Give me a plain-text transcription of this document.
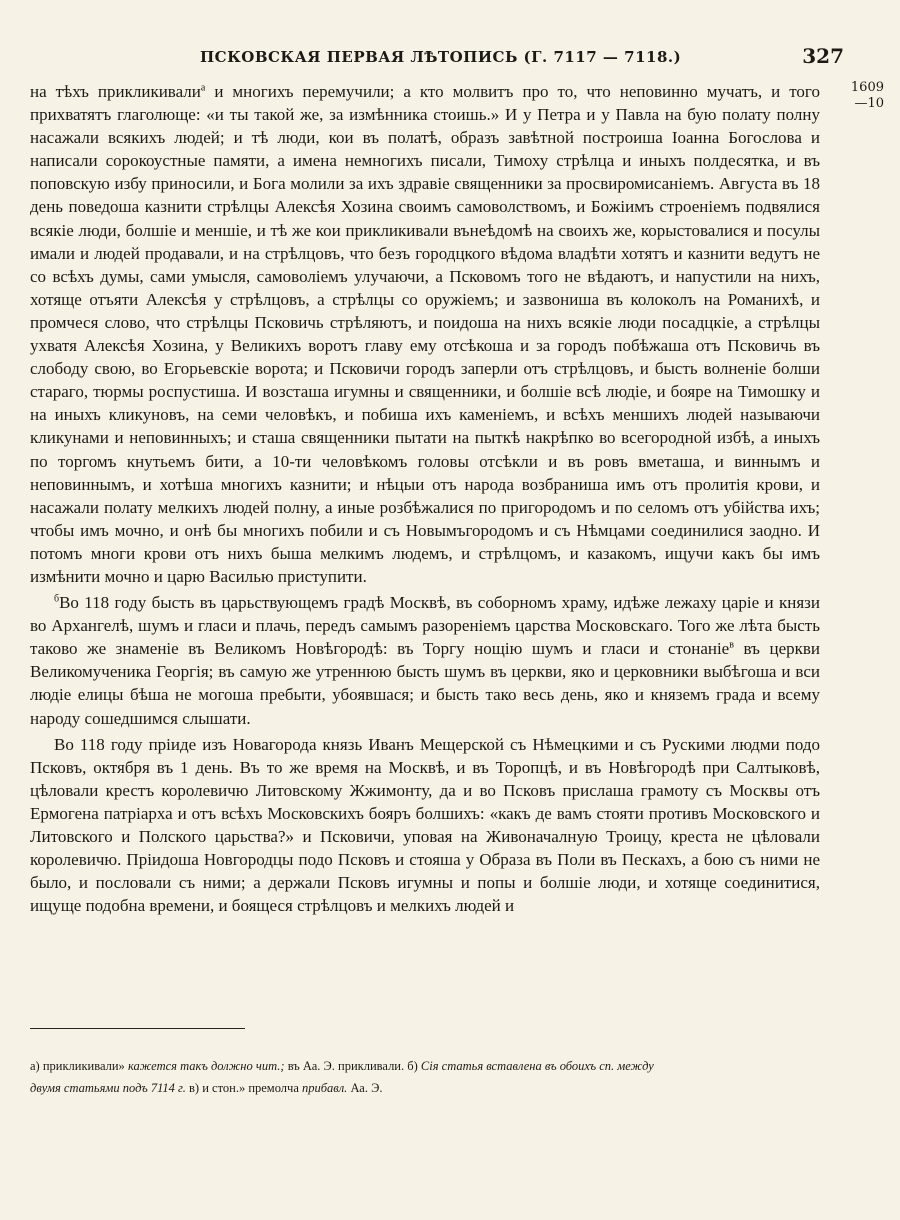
ПСКОВСКАЯ ПЕРВАЯ ЛѢТОПИСЬ (Г. 7117 — 7118.)	327
1609
—10

на тѣхъ прикликивали$^а$ и многихъ перемучили; а кто молвитъ про то, что неповинно мучатъ, и того прихватятъ глаголюще: «и ты такой же, за измѣнника стоишь.» И у Петра и у Павла на бую полату полну насажали всякихъ людей; и тѣ люди, кои въ полатѣ, образъ завѣтной построиша Іоанна Богослова и написали сорокоустные памяти, а имена немногихъ писали, Тимоху стрѣлца и иныхъ полдесятка, и въ поповскую избу приносили, и Бога молили за ихъ здравіе священники за просвиромисаніемъ. Августа въ 18 день поведоша казнити стрѣлцы Алексѣя Хозина своимъ самоволствомъ, и Божіимъ строеніемъ подвялися всякіе люди, болшіе и меншіе, и тѣ же кои прикликивали вънеѣдомѣ на своихъ же, корыстовалися и посулы имали и людей продавали, и на стрѣлцовъ, что безъ городцкого вѣдома владѣти хотятъ и казнити ведутъ не со всѣхъ думы, сами умысля, самоволіемъ улучаючи, а Псковомъ того не вѣдаютъ, и напустили на нихъ, хотяще отъяти Алексѣя у стрѣлцовъ, а стрѣлцы со оружіемъ; и зазвониша въ колоколъ на Романихѣ, и промчеся слово, что стрѣлцы Псковичь стрѣляютъ, и поидоша на нихъ всякіе люди посадцкіе, а стрѣлцы ухватя Алексѣя Хозина, у Великихъ воротъ главу ему отсѣкоша и за городъ побѣжаша отъ Псковичь въ слободу свою, во Егорьевскіе ворота; и Псковичи городъ заперли отъ стрѣлцовъ, и бысть волненіе болши стараго, тюрмы роспустиша. И возсташа игумны и священники, и болшіе всѣ людіе, и бояре на Тимошку и на иныхъ кликуновъ, на семи человѣкъ, и побиша ихъ каменіемъ, и всѣхъ меншихъ людей называючи кликунами и неповинныхъ; и сташа священники пытати на пыткѣ накрѣпко во всегородной избѣ, а иныхъ по торгомъ кнутьемъ бити, а 10-ти человѣкомъ головы отсѣкли и въ ровъ вметаша, и виннымъ и неповиннымъ, и хотѣша многихъ казнити; и нѣцыи отъ народа возбраниша имъ отъ пролитія крови, и насажали полату мелкихъ людей полну, а иные розбѣжалися по пригородомъ и по селомъ отъ убійства ихъ; чтобы имъ мочно, и онѣ бы многихъ побили и съ Новымъгородомъ и съ Нѣмцами соединилися заодно. И потомъ многи крови отъ нихъ быша мелкимъ людемъ, и стрѣлцомъ, и казакомъ, ищучи какъ бы имъ измѣнити мочно и царю Василью приступити.

$^б$Во 118 году бысть въ царьствующемъ градѣ Москвѣ, въ соборномъ храму, идѣже лежаху царіе и князи во Архангелѣ, шумъ и гласи и плачь, передъ самымъ разореніемъ царства Московскаго. Того же лѣта бысть таково же знаменіе въ Великомъ Новѣгородѣ: въ Торгу нощію шумъ и гласи и стонаніе$^в$ въ церкви Великомученика Георгія; въ самую же утреннюю бысть шумъ въ церкви, яко и церковники выбѣгоша и вси людіе елицы бѣша не могоша пребыти, убоявшася; и бысть тако весь день, яко и княземъ града и всему народу сошедшимся слышати.

Во 118 году пріиде изъ Новагорода князь Иванъ Мещерской съ Нѣмецкими и съ Рускими людми подо Псковъ, октября въ 1 день. Въ то же время на Москвѣ, и въ Торопцѣ, и въ Новѣгородѣ при Салтыковѣ, цѣловали крестъ королевичю Литовскому Жжимонту, да и во Псковъ прислаша грамоту съ Москвы отъ Ермогена патріарха и отъ всѣхъ Московскихъ бояръ болшихъ: «какъ де вамъ стояти противъ Московского и Литовского и Полского царьства?» и Псковичи, уповая на Живоначалную Троицу, креста не цѣловали королевичю. Пріидоша Новгородцы подо Псковъ и стояша у Образа въ Поли въ Пескахъ, а бою съ ними не было, и пословали съ ними; а держали Псковъ игумны и попы и болшіе люди, и хотяще соединитися, ищуще подобна времени, и боящеся стрѣлцовъ и мелкихъ людей и

а) прикликивали» кажется такъ должно чит.; въ Аа. Э. прикливали. б) Сія статья вставлена въ обоихъ сп. между

двумя статьями подъ 7114 г. в) и стон.» премолча прибавл. Аа. Э.
